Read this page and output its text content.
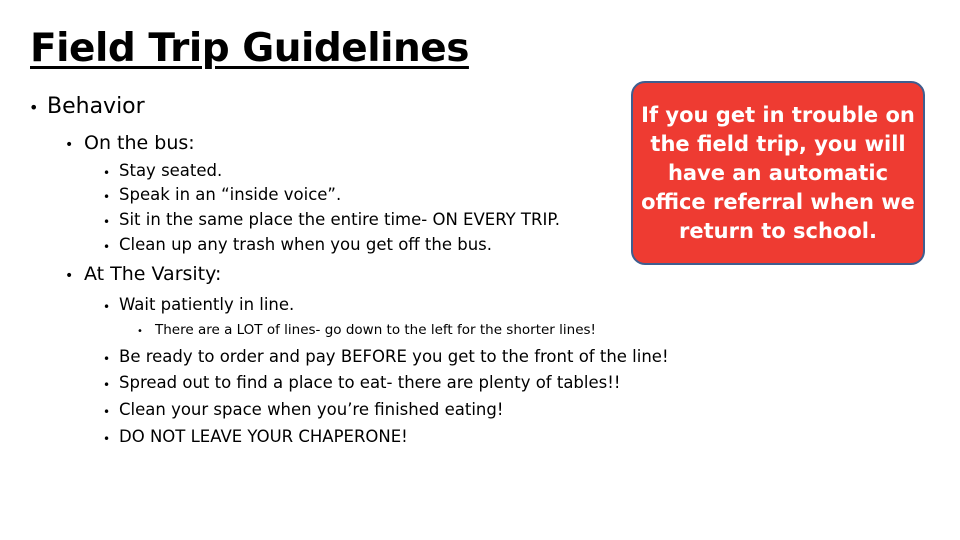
Field Trip Guidelines
• Behavior
• On the bus:
• Stay seated.
• Speak in an “inside voice”.
• Sit in the same place the entire time- ON EVERY TRIP.
• Clean up any trash when you get off the bus.
• At The Varsity:
• Wait patiently in line.
• There are a LOT of lines- go down to the left for the shorter lines!
• Be ready to order and pay BEFORE you get to the front of the line!
• Spread out to find a place to eat- there are plenty of tables!!
• Clean your space when you’re finished eating!
• DO NOT LEAVE YOUR CHAPERONE!
If you get in trouble on the field trip, you will have an automatic office referral when we return to school.
